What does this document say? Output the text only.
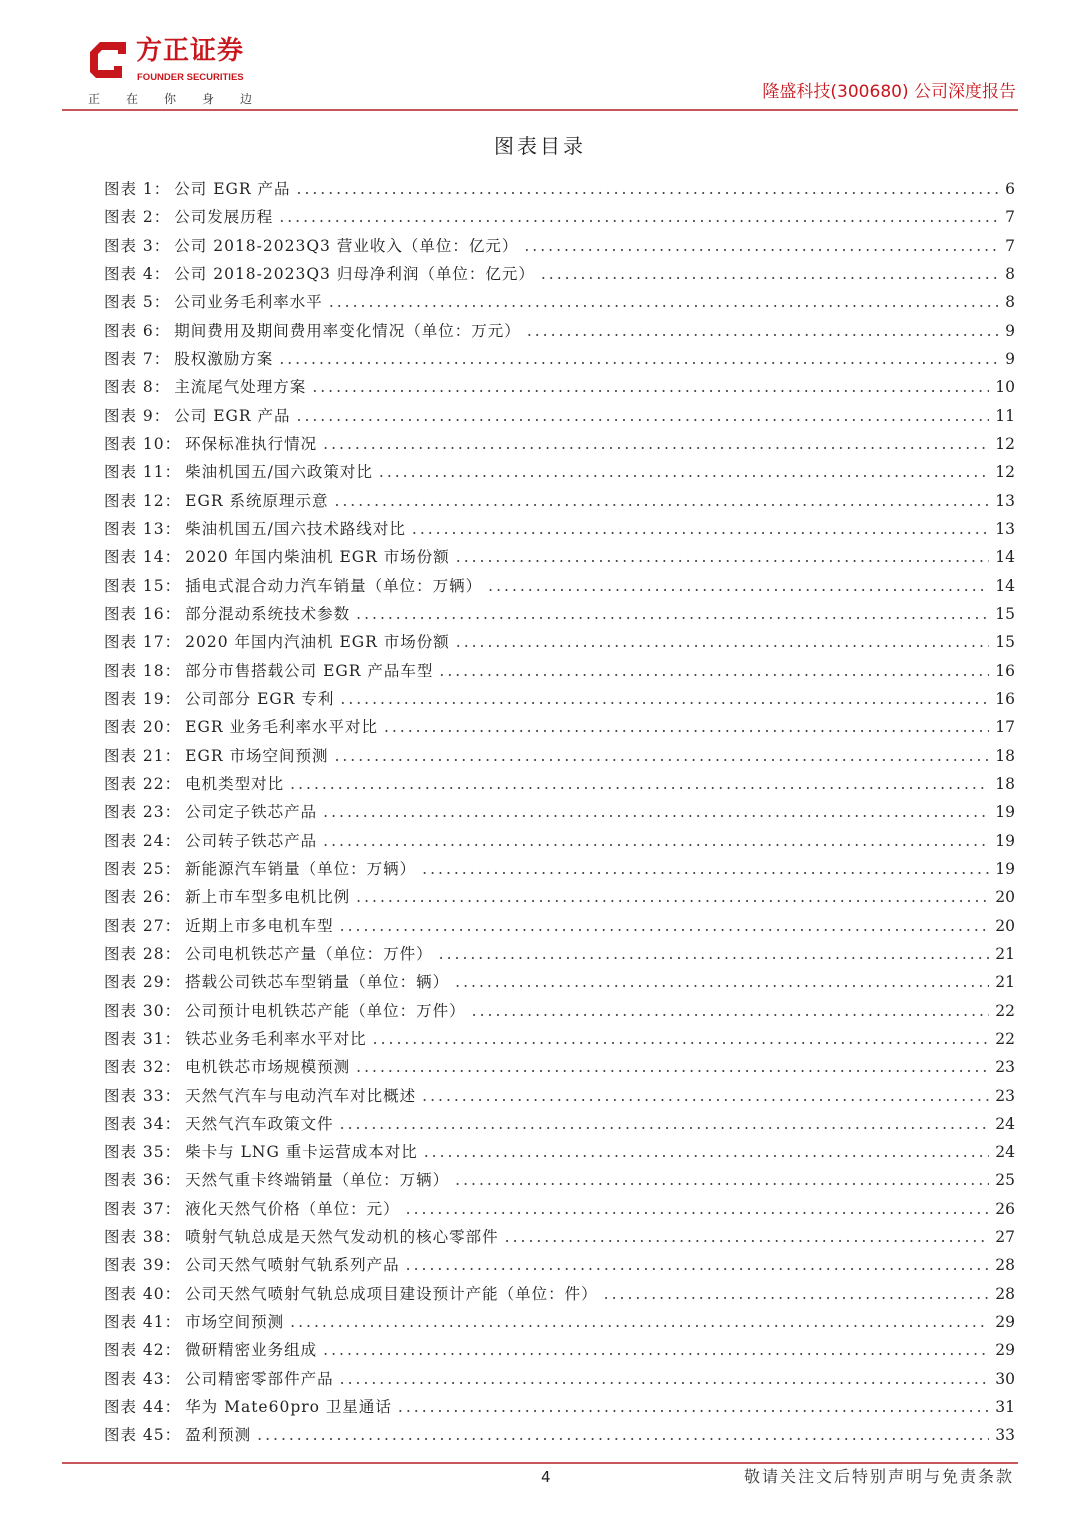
方正证券
FOUNDER SECURITIES
正在你身边	隆盛科技(300680) 公司深度报告
图表目录
图表 1： 公司 EGR 产品 .....	6
图表 2： 公司发展历程 .....	7
图表 3： 公司 2018-2023Q3 营业收入（单位：亿元） .....	7
图表 4： 公司 2018-2023Q3 归母净利润（单位：亿元） .....	8
图表 5： 公司业务毛利率水平 .....	8
图表 6： 期间费用及期间费用率变化情况（单位：万元） .....	9
图表 7： 股权激励方案 .....	9
图表 8： 主流尾气处理方案 .....	10
图表 9： 公司 EGR 产品 .....	11
图表 10： 环保标准执行情况 .....	12
图表 11： 柴油机国五/国六政策对比 .....	12
图表 12： EGR 系统原理示意 .....	13
图表 13： 柴油机国五/国六技术路线对比 .....	13
图表 14： 2020 年国内柴油机 EGR 市场份额 .....	14
图表 15： 插电式混合动力汽车销量（单位：万辆） .....	14
图表 16： 部分混动系统技术参数 .....	15
图表 17： 2020 年国内汽油机 EGR 市场份额 .....	15
图表 18： 部分市售搭载公司 EGR 产品车型 .....	16
图表 19： 公司部分 EGR 专利 .....	16
图表 20： EGR 业务毛利率水平对比 .....	17
图表 21： EGR 市场空间预测 .....	18
图表 22： 电机类型对比 .....	18
图表 23： 公司定子铁芯产品 .....	19
图表 24： 公司转子铁芯产品 .....	19
图表 25： 新能源汽车销量（单位：万辆） .....	19
图表 26： 新上市车型多电机比例 .....	20
图表 27： 近期上市多电机车型 .....	20
图表 28： 公司电机铁芯产量（单位：万件） .....	21
图表 29： 搭载公司铁芯车型销量（单位：辆） .....	21
图表 30： 公司预计电机铁芯产能（单位：万件） .....	22
图表 31： 铁芯业务毛利率水平对比 .....	22
图表 32： 电机铁芯市场规模预测 .....	23
图表 33： 天然气汽车与电动汽车对比概述 .....	23
图表 34： 天然气汽车政策文件 .....	24
图表 35： 柴卡与 LNG 重卡运营成本对比 .....	24
图表 36： 天然气重卡终端销量（单位：万辆） .....	25
图表 37： 液化天然气价格（单位：元） .....	26
图表 38： 喷射气轨总成是天然气发动机的核心零部件 .....	27
图表 39： 公司天然气喷射气轨系列产品 .....	28
图表 40： 公司天然气喷射气轨总成项目建设预计产能（单位：件） .....	28
图表 41： 市场空间预测 .....	29
图表 42： 微研精密业务组成 .....	29
图表 43： 公司精密零部件产品 .....	30
图表 44： 华为 Mate60pro 卫星通话 .....	31
图表 45： 盈利预测 .....	33
4	敬请关注文后特别声明与免责条款
